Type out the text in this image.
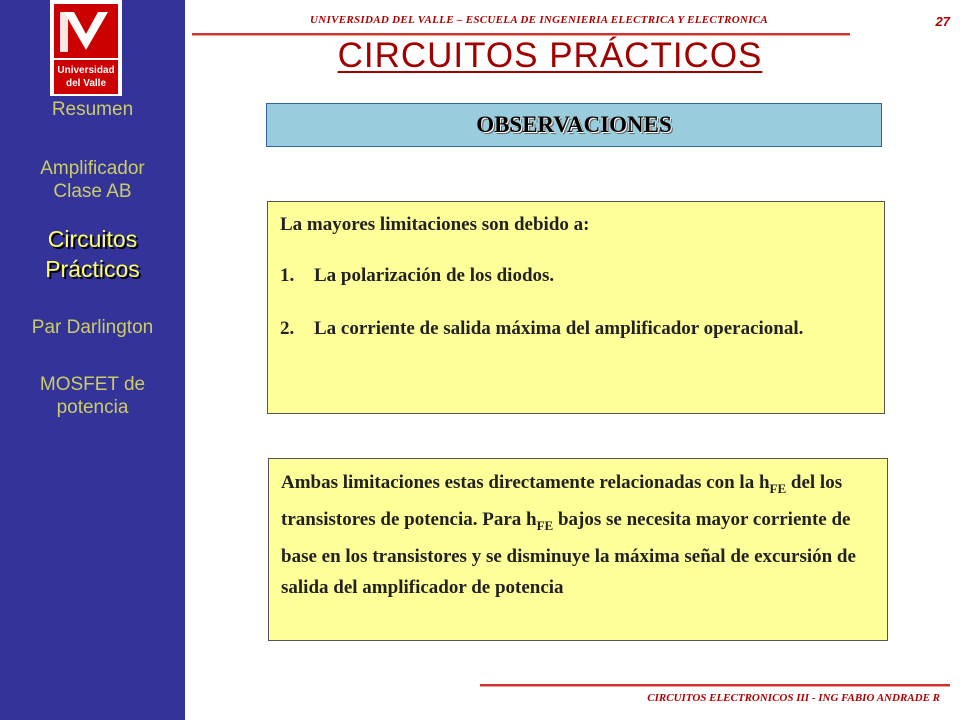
Universidad
del Valle
Resumen
Amplificador
Clase AB
Circuitos
Prácticos
Par Darlington
MOSFET de
potencia
UNIVERSIDAD DEL VALLE – ESCUELA DE INGENIERIA ELECTRICA Y ELECTRONICA	27
CIRCUITOS PRÁCTICOS
OBSERVACIONES
La mayores limitaciones son debido a:
1.	La polarización de los diodos.
2.	La corriente de salida máxima del amplificador operacional.
Ambas limitaciones estas directamente relacionadas con la $h_{FE}$ del los transistores de potencia. Para $h_{FE}$ bajos se necesita mayor corriente de base en los transistores y se disminuye la máxima señal de excursión de salida del amplificador de potencia
CIRCUITOS ELECTRONICOS III - ING FABIO ANDRADE R
